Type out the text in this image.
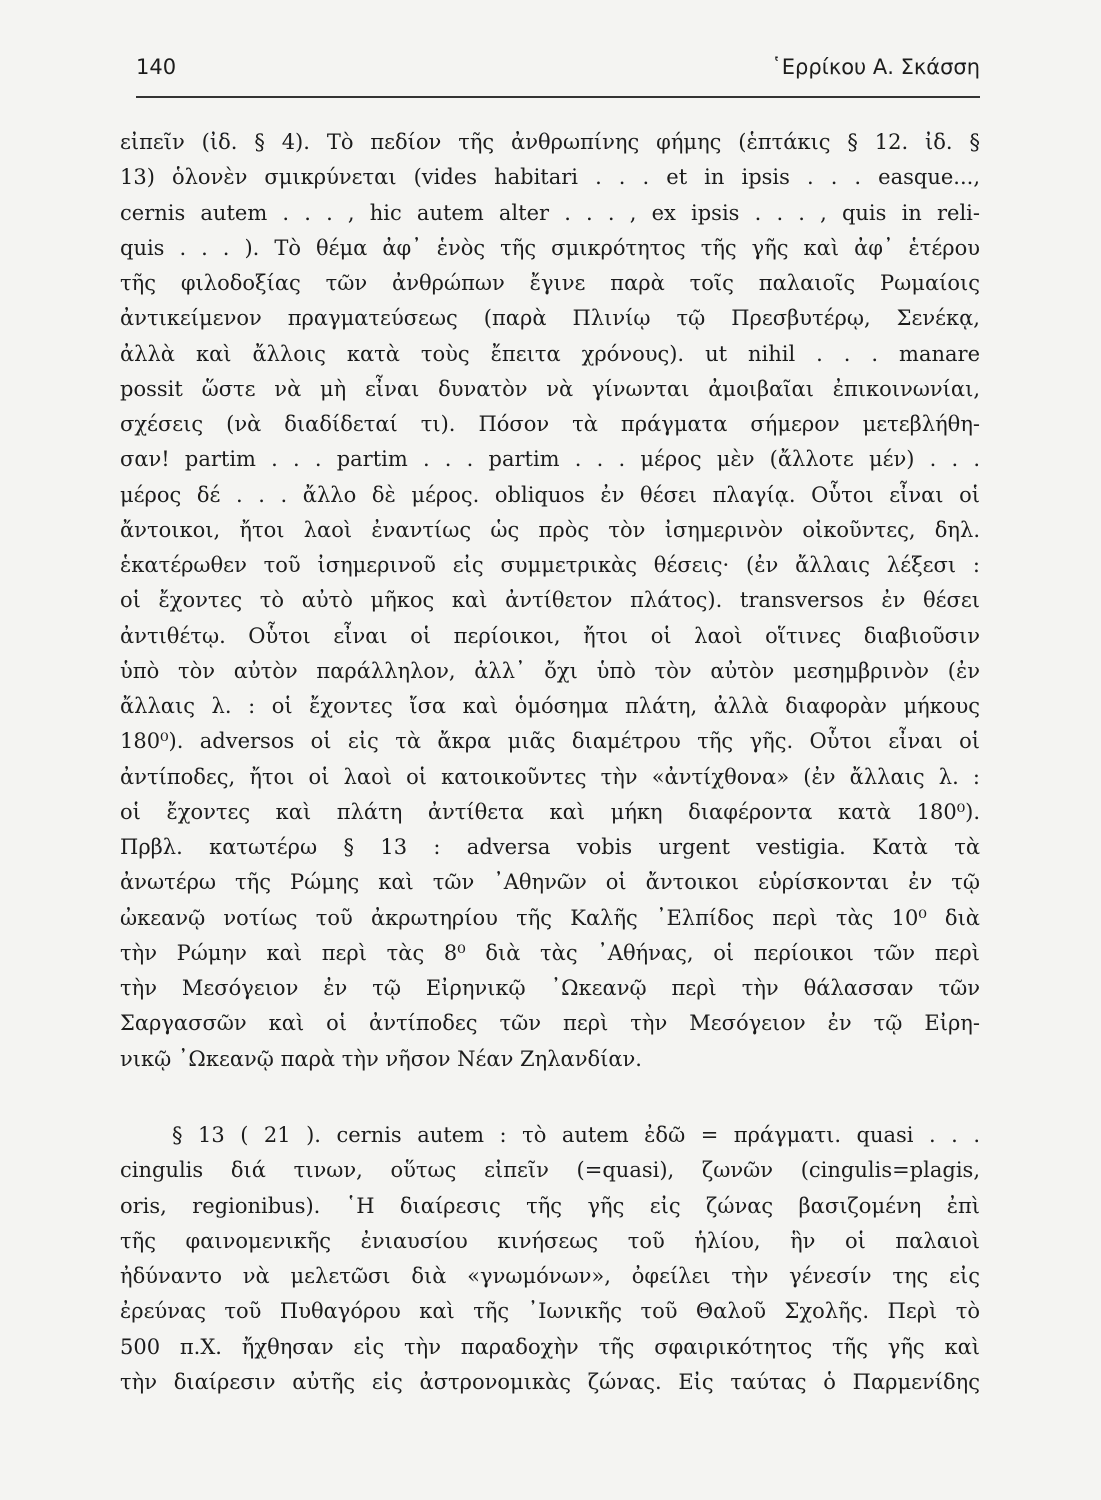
140	῾Ερρίκου Α. Σκάσση
εἰπεῖν (ἰδ. § 4). Τὸ πεδίον τῆς ἀνθρωπίνης φήμης (ἑπτάκις § 12. ἰδ. §
13) ὁλονὲν σμικρύνεται (vides habitari . . . et in ipsis . . . easque...,
cernis autem . . . , hic autem alter . . . , ex ipsis . . . , quis in reli-
quis . . . ). Τὸ θέμα ἀφ᾽ ἑνὸς τῆς σμικρότητος τῆς γῆς καὶ ἀφ᾽ ἑτέρου
τῆς φιλοδοξίας τῶν ἀνθρώπων ἔγινε παρὰ τοῖς παλαιοῖς Ρωμαίοις
ἀντικείμενον πραγματεύσεως (παρὰ Πλινίῳ τῷ Πρεσβυτέρῳ, Σενέκᾳ,
ἀλλὰ καὶ ἄλλοις κατὰ τοὺς ἔπειτα χρόνους). ut nihil . . . manare
possit ὥστε νὰ μὴ εἶναι δυνατὸν νὰ γίνωνται ἀμοιβαῖαι ἐπικοινωνίαι,
σχέσεις (νὰ διαδίδεταί τι). Πόσον τὰ πράγματα σήμερον μετεβλήθη-
σαν! partim . . . partim . . . partim . . . μέρος μὲν (ἄλλοτε μέν) . . .
μέρος δέ . . . ἄλλο δὲ μέρος. obliquos ἐν θέσει πλαγίᾳ. Οὗτοι εἶναι οἱ
ἄντοικοι, ἤτοι λαοὶ ἐναντίως ὡς πρὸς τὸν ἰσημερινὸν οἰκοῦντες, δηλ.
ἑκατέρωθεν τοῦ ἰσημερινοῦ εἰς συμμετρικὰς θέσεις· (ἐν ἄλλαις λέξεσι :
οἱ ἔχοντες τὸ αὐτὸ μῆκος καὶ ἀντίθετον πλάτος). transversos ἐν θέσει
ἀντιθέτῳ. Οὗτοι εἶναι οἱ περίοικοι, ἤτοι οἱ λαοὶ οἵτινες διαβιοῦσιν
ὑπὸ τὸν αὐτὸν παράλληλον, ἀλλ᾽ ὄχι ὑπὸ τὸν αὐτὸν μεσημβρινὸν (ἐν
ἄλλαις λ. : οἱ ἔχοντες ἴσα καὶ ὁμόσημα πλάτη, ἀλλὰ διαφορὰν μήκους
180⁰). adversos οἱ εἰς τὰ ἄκρα μιᾶς διαμέτρου τῆς γῆς. Οὗτοι εἶναι οἱ
ἀντίποδες, ἤτοι οἱ λαοὶ οἱ κατοικοῦντες τὴν «ἀντίχθονα» (ἐν ἄλλαις λ. :
οἱ ἔχοντες καὶ πλάτη ἀντίθετα καὶ μήκη διαφέροντα κατὰ 180⁰).
Πρβλ. κατωτέρω § 13 : adversa vobis urgent vestigia. Κατὰ τὰ
ἀνωτέρω τῆς Ρώμης καὶ τῶν ᾿Αθηνῶν οἱ ἄντοικοι εὑρίσκονται ἐν τῷ
ὠκεανῷ νοτίως τοῦ ἀκρωτηρίου τῆς Καλῆς ᾿Ελπίδος περὶ τὰς 10⁰ διὰ
τὴν Ρώμην καὶ περὶ τὰς 8⁰ διὰ τὰς ᾿Αθήνας, οἱ περίοικοι τῶν περὶ
τὴν Μεσόγειον ἐν τῷ Εἰρηνικῷ ᾿Ωκεανῷ περὶ τὴν θάλασσαν τῶν
Σαργασσῶν καὶ οἱ ἀντίποδες τῶν περὶ τὴν Μεσόγειον ἐν τῷ Εἰρη-
νικῷ ᾿Ωκεανῷ παρὰ τὴν νῆσον Νέαν Ζηλανδίαν.
§ 13 ( 21 ). cernis autem : τὸ autem ἐδῶ = πράγματι. quasi . . .
cingulis διά τινων, οὕτως εἰπεῖν (=quasi), ζωνῶν (cingulis=plagis,
oris, regionibus). ῾Η διαίρεσις τῆς γῆς εἰς ζώνας βασιζομένη ἐπὶ
τῆς φαινομενικῆς ἐνιαυσίου κινήσεως τοῦ ἡλίου, ἣν οἱ παλαιοὶ
ἠδύναντο νὰ μελετῶσι διὰ «γνωμόνων», ὀφείλει τὴν γένεσίν της εἰς
ἐρεύνας τοῦ Πυθαγόρου καὶ τῆς ᾿Ιωνικῆς τοῦ Θαλοῦ Σχολῆς. Περὶ τὸ
500 π.Χ. ἤχθησαν εἰς τὴν παραδοχὴν τῆς σφαιρικότητος τῆς γῆς καὶ
τὴν διαίρεσιν αὐτῆς εἰς ἀστρονομικὰς ζώνας. Εἰς ταύτας ὁ Παρμενίδης
